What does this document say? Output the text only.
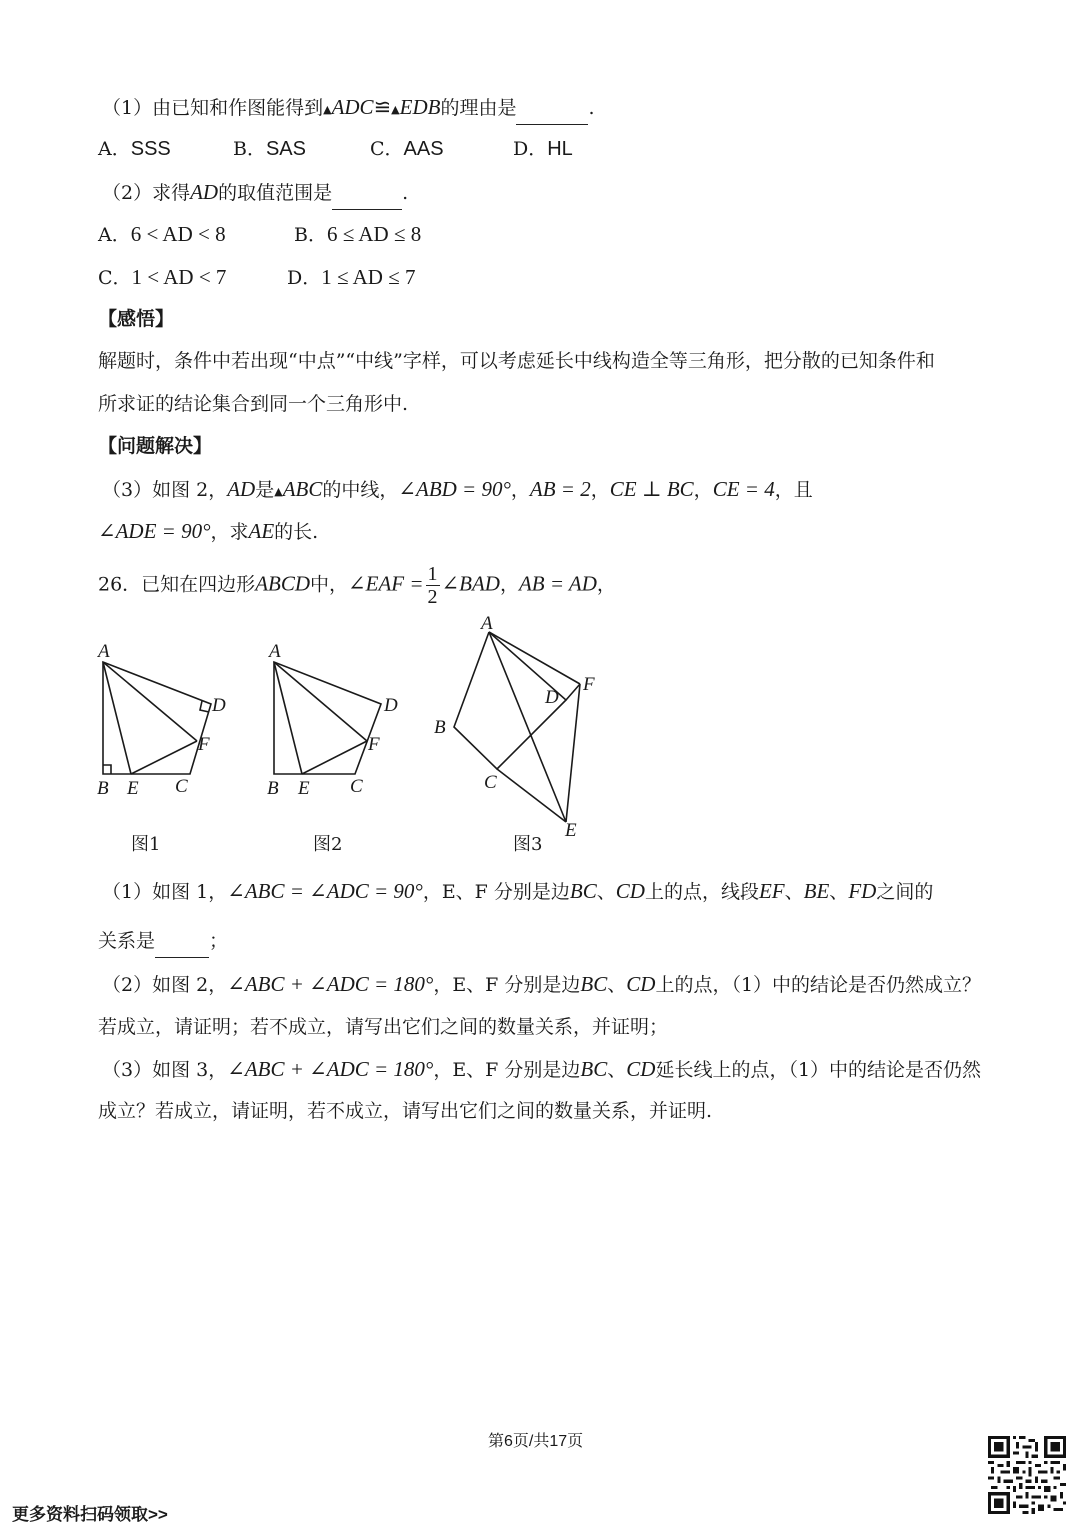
（1）由已知和作图能得到▲ADC≌▲EDB的理由是	.
A．SSS	B．SAS	C．AAS	D．HL
（2）求得AD的取值范围是	.
A．6 < AD < 8	B．6 ≤ AD ≤ 8
C．1 < AD < 7	D．1 ≤ AD ≤ 7
【感悟】
解题时，条件中若出现“中点”“中线”字样，可以考虑延长中线构造全等三角形，把分散的已知条件和
所求证的结论集合到同一个三角形中.
【问题解决】
（3）如图 2，AD是▲ABC的中线，∠ABD = 90°，AB = 2，CE ⊥ BC，CE = 4，且
∠ADE = 90°，求AE的长.
26．已知在四边形ABCD中，∠EAF = $\frac{1}{2}$ ∠BAD，AB = AD，
A
B E C
D
F
A
B E C
D
F
A
B
C
D
F
E
图1	图2	图3
（1）如图 1，∠ABC = ∠ADC = 90°，E、F 分别是边BC、CD上的点，线段EF、BE、FD之间的
关系是	；
（2）如图 2，∠ABC + ∠ADC = 180°，E、F 分别是边BC、CD上的点，（1）中的结论是否仍然成立？
若成立，请证明；若不成立，请写出它们之间的数量关系，并证明；
（3）如图 3，∠ABC + ∠ADC = 180°，E、F 分别是边BC、CD延长线上的点，（1）中的结论是否仍然
成立？若成立，请证明，若不成立，请写出它们之间的数量关系，并证明.
第6页/共17页
更多资料扫码领取>>
